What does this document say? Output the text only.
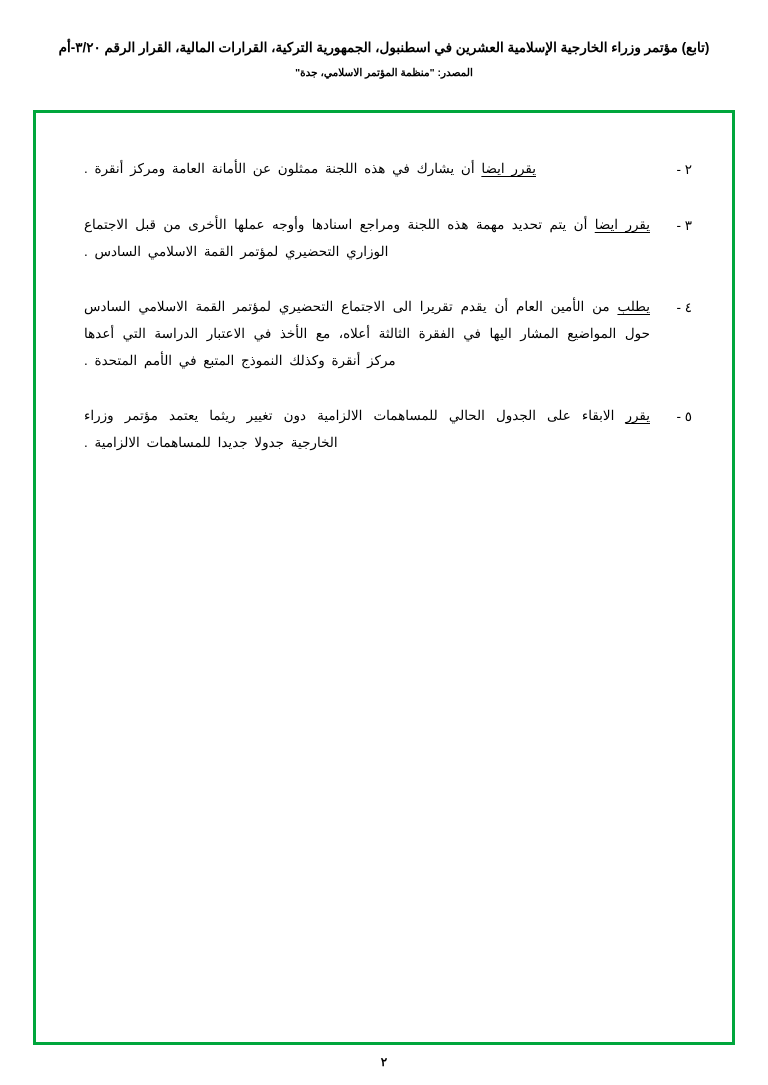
(تابع) مؤتمر وزراء الخارجية الإسلامية العشرين في اسطنبول، الجمهورية التركية، القرارات المالية، القرار الرقم ٣/٢٠-أم
المصدر: "منظمة المؤتمر الاسلامي، جدة"
٢ -
يقرر ايضا أن يشارك في هذه اللجنة ممثلون عن الأمانة العامة ومركز أنقرة .
٣ -
يقرر ايضا أن يتم تحديد مهمة هذه اللجنة ومراجع اسنادها وأوجه عملها الأخرى من قبل الاجتماع الوزاري التحضيري لمؤتمر القمة الاسلامي السادس .
٤ -
يطلب من الأمين العام أن يقدم تقريرا الى الاجتماع التحضيري لمؤتمر القمة الاسلامي السادس حول المواضيع المشار اليها في الفقرة الثالثة أعلاه، مع الأخذ في الاعتبار الدراسة التي أعدها مركز أنقرة وكذلك النموذج المتبع في الأمم المتحدة .
٥ -
يقرر الابقاء على الجدول الحالي للمساهمات الالزامية دون تغيير ريثما يعتمد مؤتمر وزراء الخارجية جدولا جديدا للمساهمات الالزامية .
٢
